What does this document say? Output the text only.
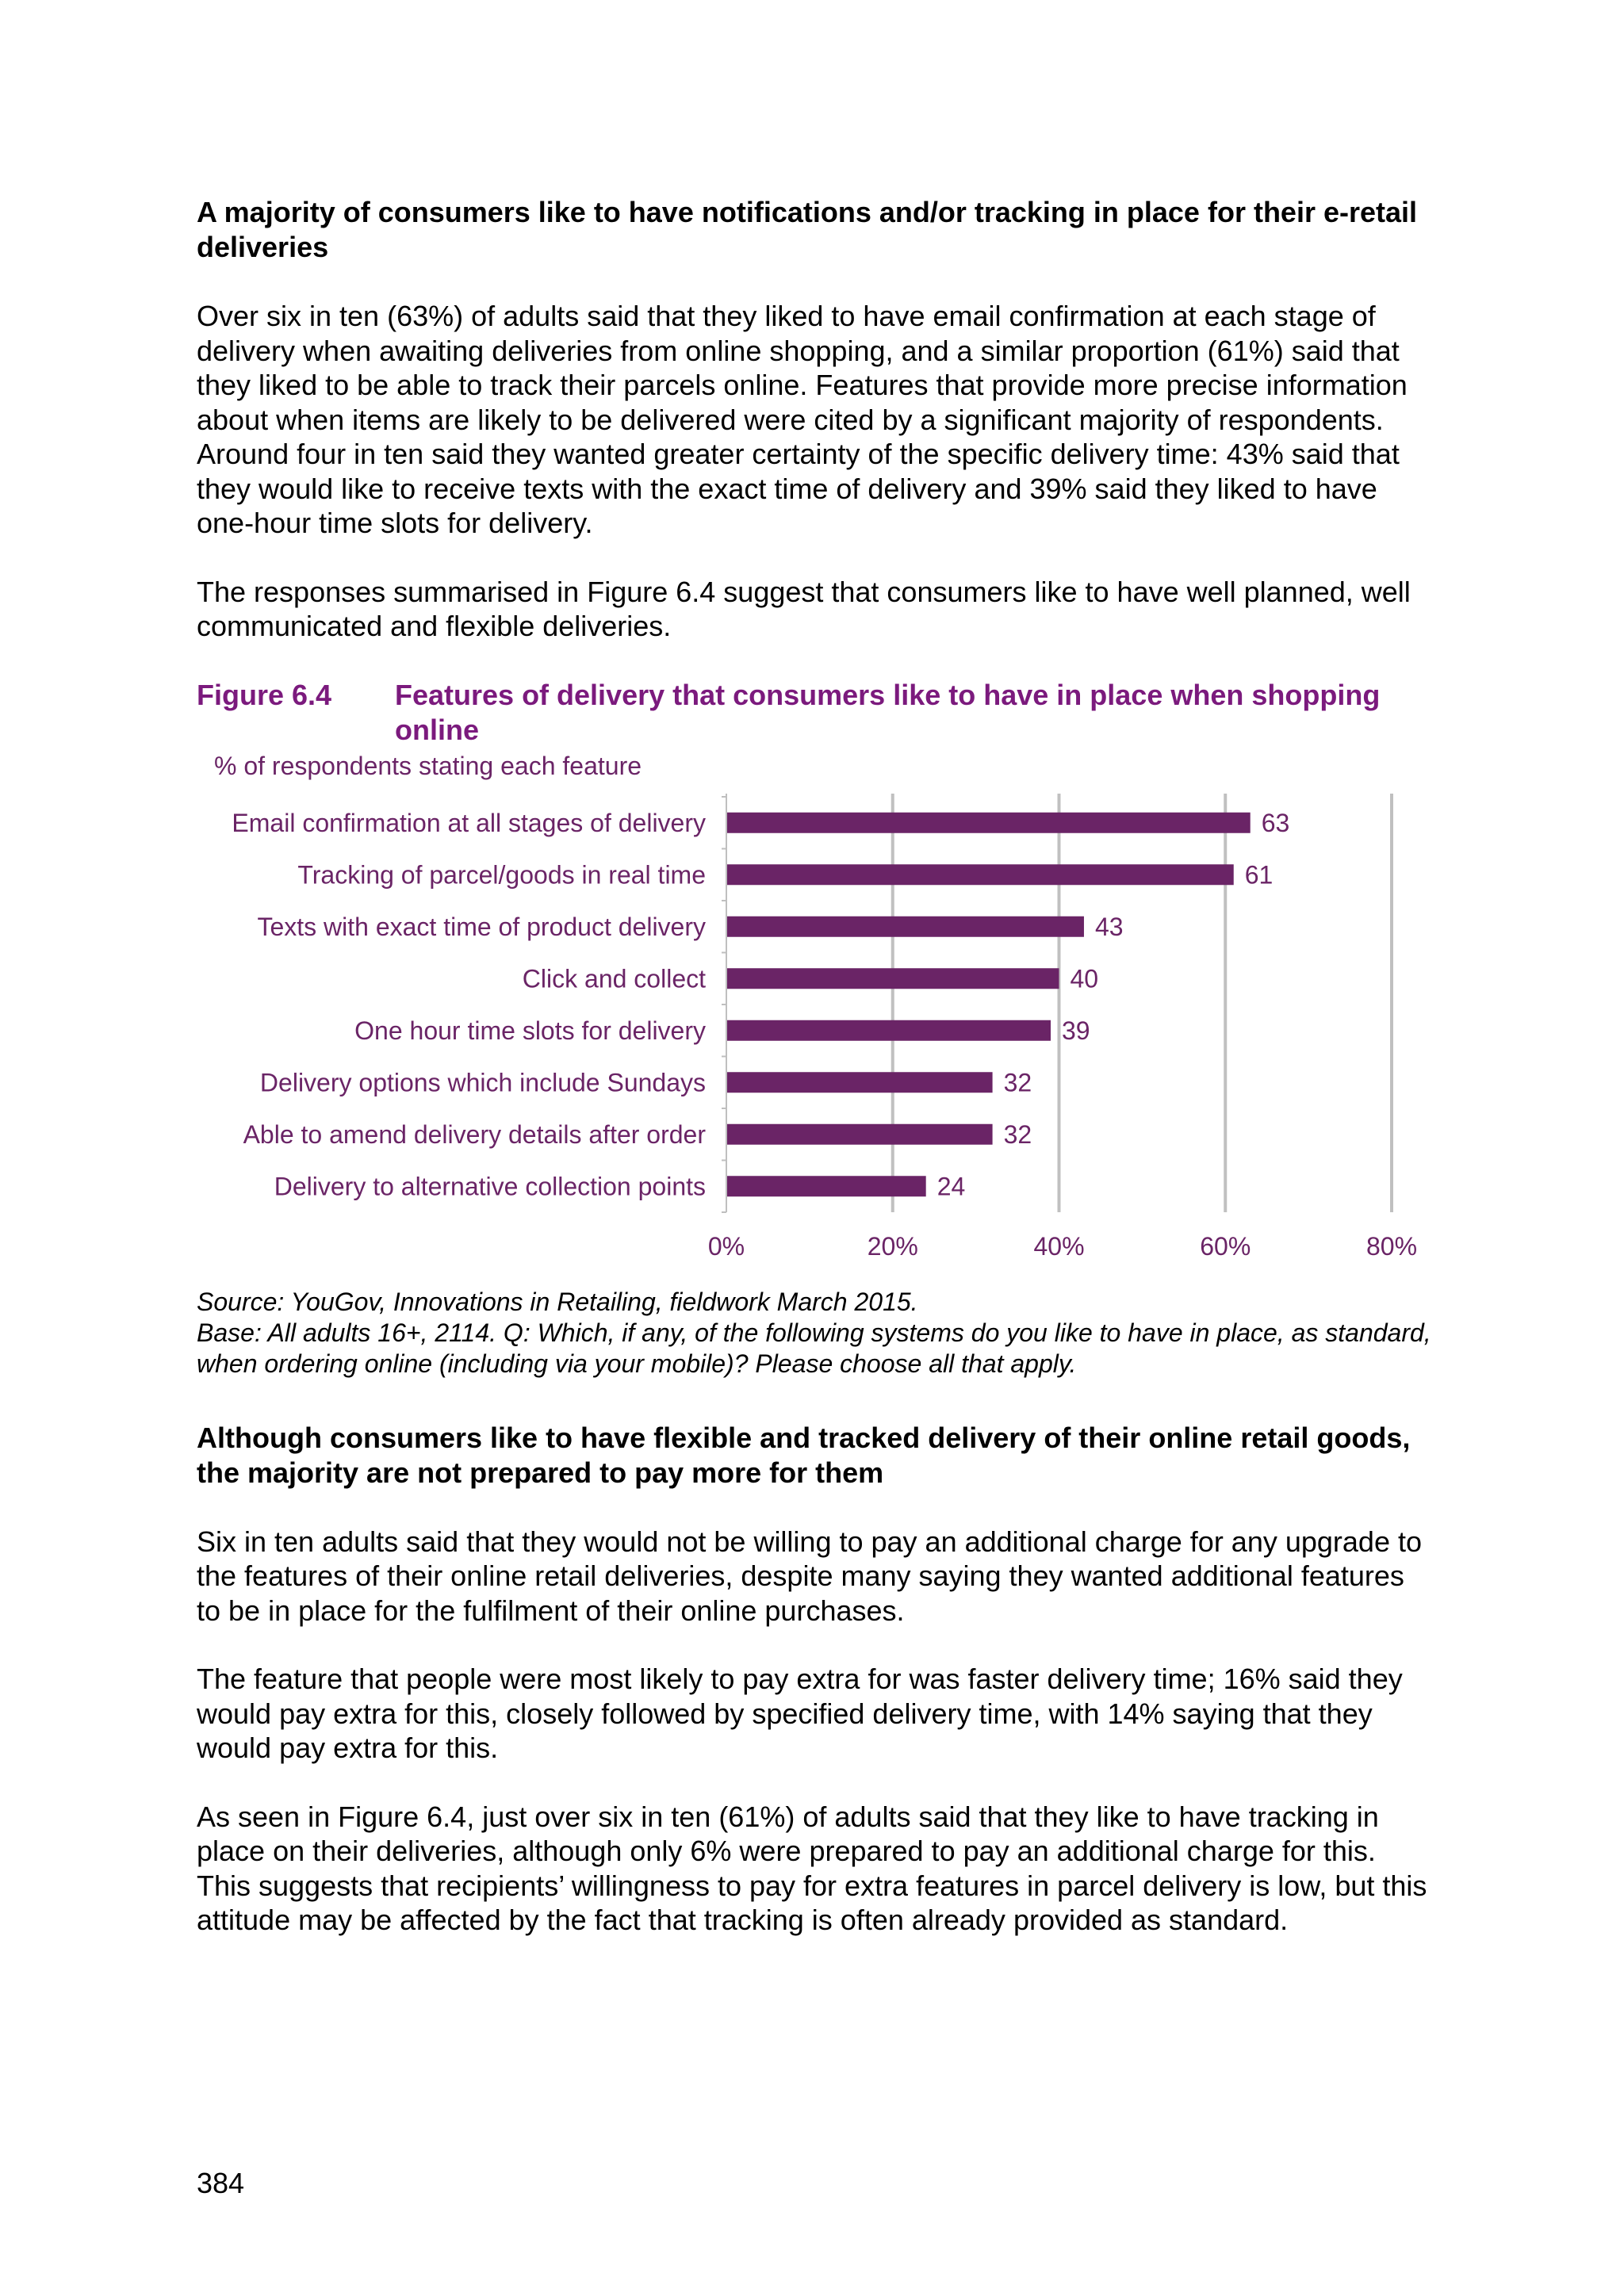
A majority of consumers like to have notifications and/or tracking in place for their e-retail deliveries

Over six in ten (63%) of adults said that they liked to have email confirmation at each stage of delivery when awaiting deliveries from online shopping, and a similar proportion (61%) said that they liked to be able to track their parcels online. Features that provide more precise information about when items are likely to be delivered were cited by a significant majority of respondents. Around four in ten said they wanted greater certainty of the specific delivery time: 43% said that they would like to receive texts with the exact time of delivery and 39% said they liked to have one-hour time slots for delivery.

The responses summarised in Figure 6.4 suggest that consumers like to have well planned, well communicated and flexible deliveries.

Figure 6.4	Features of delivery that consumers like to have in place when shopping online
% of respondents stating each feature
Email confirmation at all stages of delivery	63
Tracking of parcel/goods in real time	61
Texts with exact time of product delivery	43
Click and collect	40
One hour time slots for delivery	39
Delivery options which include Sundays	32
Able to amend delivery details after order	32
Delivery to alternative collection points	24
0%	20%	40%	60%	80%
Source: YouGov, Innovations in Retailing, fieldwork March 2015.
Base: All adults 16+, 2114. Q: Which, if any, of the following systems do you like to have in place, as standard, when ordering online (including via your mobile)? Please choose all that apply.
Although consumers like to have flexible and tracked delivery of their online retail goods, the majority are not prepared to pay more for them

Six in ten adults said that they would not be willing to pay an additional charge for any upgrade to the features of their online retail deliveries, despite many saying they wanted additional features to be in place for the fulfilment of their online purchases.

The feature that people were most likely to pay extra for was faster delivery time; 16% said they would pay extra for this, closely followed by specified delivery time, with 14% saying that they would pay extra for this.

As seen in Figure 6.4, just over six in ten (61%) of adults said that they like to have tracking in place on their deliveries, although only 6% were prepared to pay an additional charge for this. This suggests that recipients’ willingness to pay for extra features in parcel delivery is low, but this attitude may be affected by the fact that tracking is often already provided as standard.

384
